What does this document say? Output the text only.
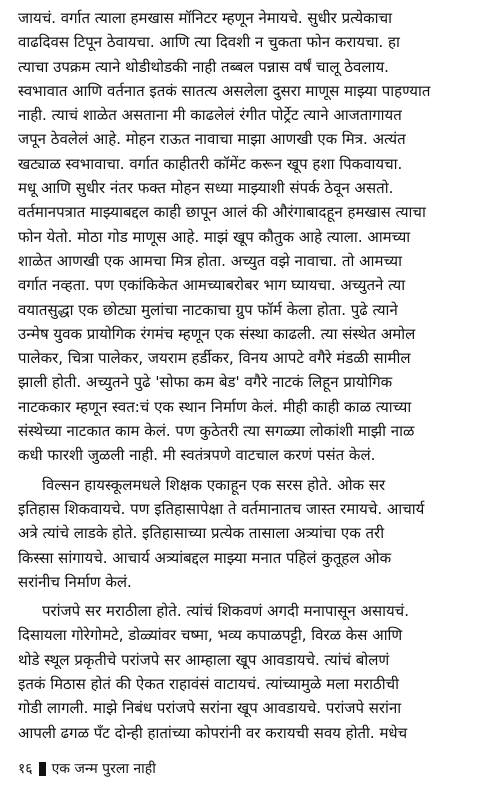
जायचं. वर्गात त्याला हमखास मॉनिटर म्हणून नेमायचे. सुधीर प्रत्येकाचा

वाढदिवस टिपून ठेवायचा. आणि त्या दिवशी न चुकता फोन करायचा. हा

त्याचा उपक्रम त्याने थोडीथोडकी नाही तब्बल पन्नास वर्षं चालू ठेवलाय.

स्वभावात आणि वर्तनात इतकं सातत्य असलेला दुसरा माणूस माझ्या पाहण्यात

नाही. त्याचं शाळेत असताना मी काढलेलं रंगीत पोर्ट्रेट त्याने आजतागायत

जपून ठेवलेलं आहे. मोहन राऊत नावाचा माझा आणखी एक मित्र. अत्यंत

खट्याळ स्वभावाचा. वर्गात काहीतरी कॉमेंट करून खूप हशा पिकवायचा.

मधू आणि सुधीर नंतर फक्त मोहन सध्या माझ्याशी संपर्क ठेवून असतो.

वर्तमानपत्रात माझ्याबद्दल काही छापून आलं की औरंगाबादहून हमखास त्याचा

फोन येतो. मोठा गोड माणूस आहे. माझं खूप कौतुक आहे त्याला. आमच्या

शाळेत आणखी एक आमचा मित्र होता. अच्युत वझे नावाचा. तो आमच्या

वर्गात नव्हता. पण एकांकिकेत आमच्याबरोबर भाग घ्यायचा. अच्युतने त्या

वयातसुद्धा एक छोट्या मुलांचा नाटकाचा ग्रुप फॉर्म केला होता. पुढे त्याने

उन्मेष युवक प्रायोगिक रंगमंच म्हणून एक संस्था काढली. त्या संस्थेत अमोल

पालेकर, चित्रा पालेकर, जयराम हर्डीकर, विनय आपटे वगैरे मंडळी सामील

झाली होती. अच्युतने पुढे 'सोफा कम बेड' वगैरे नाटकं लिहून प्रायोगिक

नाटककार म्हणून स्वत:चं एक स्थान निर्माण केलं. मीही काही काळ त्याच्या

संस्थेच्या नाटकात काम केलं. पण कुठेतरी त्या सगळ्या लोकांशी माझी नाळ

कधी फारशी जुळली नाही. मी स्वतंत्रपणे वाटचाल करणं पसंत केलं.

विल्सन हायस्कूलमधले शिक्षक एकाहून एक सरस होते. ओक सर

इतिहास शिकवायचे. पण इतिहासापेक्षा ते वर्तमानातच जास्त रमायचे. आचार्य

अत्रे त्यांचे लाडके होते. इतिहासाच्या प्रत्येक तासाला अत्र्यांचा एक तरी

किस्सा सांगायचे. आचार्य अत्र्यांबद्दल माझ्या मनात पहिलं कुतूहल ओक

सरांनीच निर्माण केलं.

परांजपे सर मराठीला होते. त्यांचं शिकवणं अगदी मनापासून असायचं.

दिसायला गोरेगोमटे, डोळ्यांवर चष्मा, भव्य कपाळपट्टी, विरळ केस आणि

थोडे स्थूल प्रकृतीचे परांजपे सर आम्हाला खूप आवडायचे. त्यांचं बोलणं

इतकं मिठास होतं की ऐकत राहावंसं वाटायचं. त्यांच्यामुळे मला मराठीची

गोडी लागली. माझे निबंध परांजपे सरांना खूप आवडायचे. परांजपे सरांना

आपली ढगळ पँट दोन्ही हातांच्या कोपरांनी वर करायची सवय होती. मधेच

१६ एक जन्म पुरला नाही
